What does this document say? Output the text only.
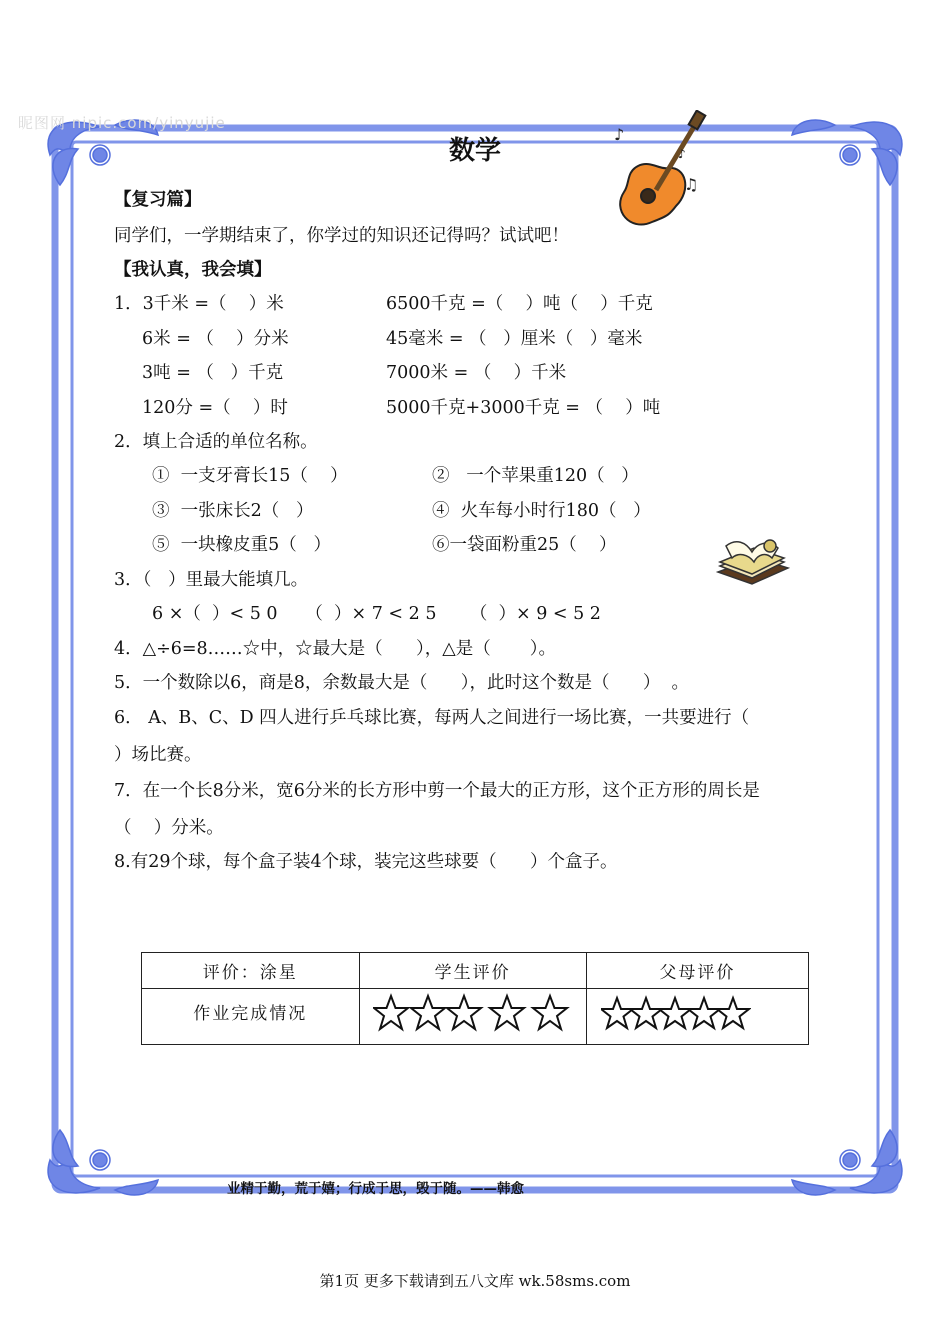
昵图网 nipic.com/yinyujie
数学
♪
♫
♪
【复习篇】
同学们，一学期结束了，你学过的知识还记得吗？试试吧！
【我认真，我会填】
1．3千米 =（    ）米	6500千克 =（    ）吨（    ）千克
6米 = （    ）分米	45毫米 = （   ）厘米（   ）毫米
3吨 = （   ）千克	7000米 = （    ）千米
120分 =（    ）时	5000千克+3000千克 = （    ）吨
2．填上合适的单位名称。
①  一支牙膏长15（    ）	②   一个苹果重120（   ）
③  一张床长2（   ）	④  火车每小时行180（   ）
⑤  一块橡皮重5（   ）	⑥一袋面粉重25（    ）
3．（   ）里最大能填几。
6 ×（  ）< 5 0     （  ）× 7 < 2 5      （  ）× 9 < 5 2
4．△÷6=8……☆中，☆最大是（      ），△是（       ）。
5．一个数除以6，商是8，余数最大是（      ），此时这个数是（      ）  。
6． A、B、C、D 四人进行乒乓球比赛，每两人之间进行一场比赛，一共要进行（
）场比赛。
7．在一个长8分米，宽6分米的长方形中剪一个最大的正方形，这个正方形的周长是
（    ）分米。
8.有29个球，每个盒子装4个球，装完这些球要（      ）个盒子。
评价：涂星	学生评价	父母评价
作业完成情况		
业精于勤，荒于嬉；行成于思，毁于随。——韩愈
第1页 更多下载请到五八文库 wk.58sms.com
